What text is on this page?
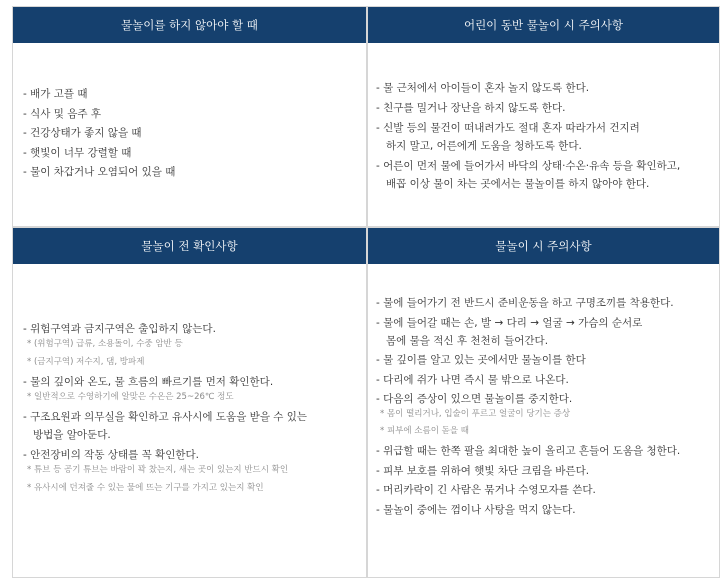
물놀이를 하지 않아야 할 때
- 배가 고플 때
- 식사 및 음주 후
- 건강상태가 좋지 않을 때
- 햇빛이 너무 강렬할 때
- 물이 차갑거나 오염되어 있을 때
어린이 동반 물놀이 시 주의사항
- 물 근처에서 아이들이 혼자 놀지 않도록 한다.
- 친구를 밀거나 장난을 하지 않도록 한다.
- 신발 등의 물건이 떠내려가도 절대 혼자 따라가서 건지려
하지 말고, 어른에게 도움을 청하도록 한다.
- 어른이 먼저 물에 들어가서 바닥의 상태·수온·유속 등을 확인하고,
배꼽 이상 물이 차는 곳에서는 물놀이를 하지 않아야 한다.
물놀이 전 확인사항
- 위험구역과 금지구역은 출입하지 않는다.
* (위험구역) 급류, 소용돌이, 수중 암반 등
* (금지구역) 저수지, 댐, 방파제
- 물의 깊이와 온도, 물 흐름의 빠르기를 먼저 확인한다.
* 일반적으로 수영하기에 알맞은 수온은 25~26℃ 정도
- 구조요원과 의무실을 확인하고 유사시에 도움을 받을 수 있는
방법을 알아둔다.
- 안전장비의 작동 상태를 꼭 확인한다.
* 튜브 등 공기 튜브는 바람이 꽉 찼는지, 새는 곳이 있는지 반드시 확인
* 유사시에 던져줄 수 있는 물에 뜨는 기구를 가지고 있는지 확인
물놀이 시 주의사항
- 물에 들어가기 전 반드시 준비운동을 하고 구명조끼를 착용한다.
- 물에 들어갈 때는 손, 발 → 다리 → 얼굴 → 가슴의 순서로
몸에 물을 적신 후 천천히 들어간다.
- 물 깊이를 알고 있는 곳에서만 물놀이를 한다
- 다리에 쥐가 나면 즉시 물 밖으로 나온다.
- 다음의 증상이 있으면 물놀이를 중지한다.
* 몸이 떨리거나, 입술이 푸르고 얼굴이 당기는 증상
* 피부에 소름이 돋을 때
- 위급할 때는 한쪽 팔을 최대한 높이 올리고 흔들어 도움을 청한다.
- 피부 보호를 위하여 햇빛 차단 크림을 바른다.
- 머리카락이 긴 사람은 묶거나 수영모자를 쓴다.
- 물놀이 중에는 껌이나 사탕을 먹지 않는다.
